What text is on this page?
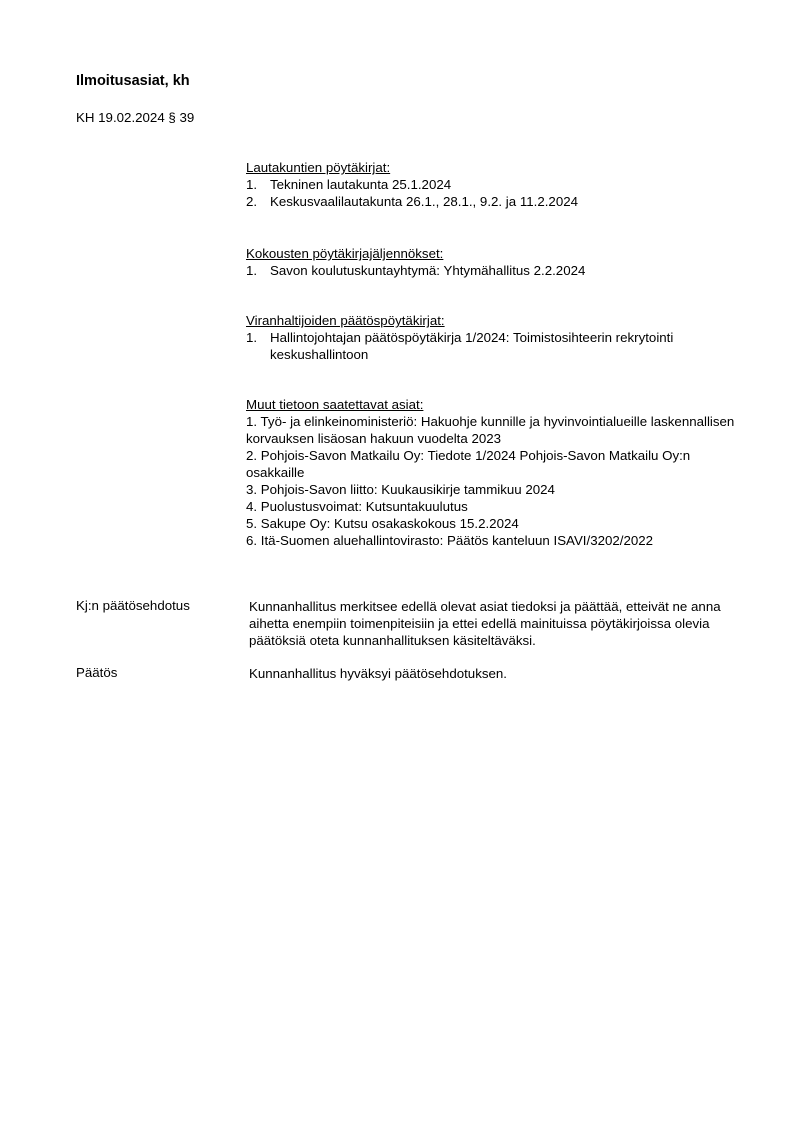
Ilmoitusasiat, kh
KH 19.02.2024 § 39
Lautakuntien pöytäkirjat:
1. Tekninen lautakunta 25.1.2024
2. Keskusvaalilautakunta 26.1., 28.1., 9.2. ja 11.2.2024
Kokousten pöytäkirjajäljennökset:
1. Savon koulutuskuntayhtymä: Yhtymähallitus 2.2.2024
Viranhaltijoiden päätöspöytäkirjat:
1. Hallintojohtajan päätöspöytäkirja 1/2024: Toimistosihteerin rekrytointi keskushallintoon
Muut tietoon saatettavat asiat:
1. Työ- ja elinkeinoministeriö: Hakuohje kunnille ja hyvinvointialueille laskennallisen korvauksen lisäosan hakuun vuodelta 2023
2. Pohjois-Savon Matkailu Oy: Tiedote 1/2024 Pohjois-Savon Matkailu Oy:n osakkaille
3. Pohjois-Savon liitto: Kuukausikirje tammikuu 2024
4. Puolustusvoimat: Kutsuntakuulutus
5. Sakupe Oy: Kutsu osakaskokous 15.2.2024
6. Itä-Suomen aluehallintovirasto: Päätös kanteluun ISAVI/3202/2022
Kj:n päätösehdotus	Kunnanhallitus merkitsee edellä olevat asiat tiedoksi ja päättää, etteivät ne anna aihetta enempiin toimenpiteisiin ja ettei edellä mainituissa pöytäkirjoissa olevia päätöksiä oteta kunnanhallituksen käsiteltäväksi.
Päätös	Kunnanhallitus hyväksyi päätösehdotuksen.
